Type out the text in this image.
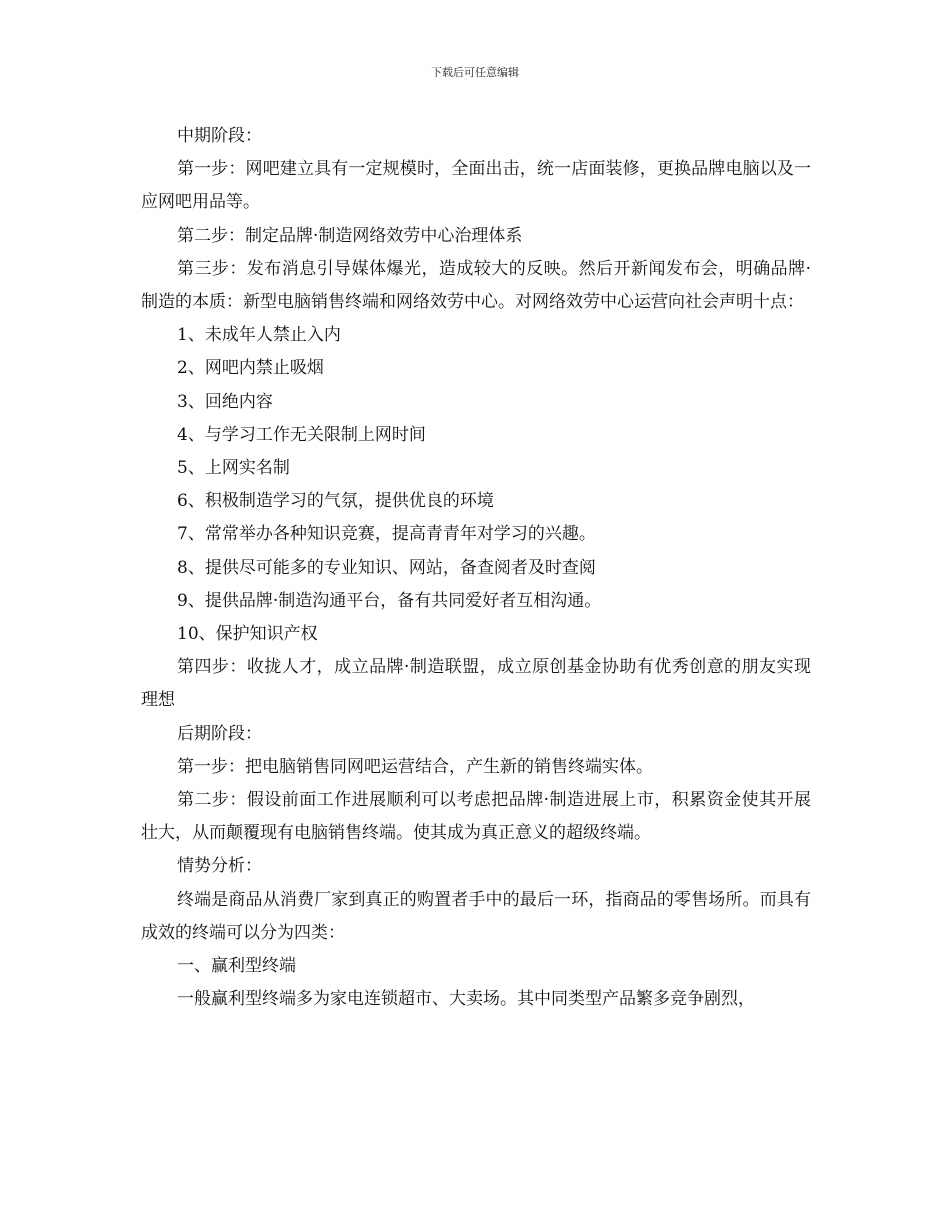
下载后可任意编辑

中期阶段：

第一步：网吧建立具有一定规模时，全面出击，统一店面装修，更换品牌电脑以及一应网吧用品等。

第二步：制定品牌·制造网络效劳中心治理体系

第三步：发布消息引导媒体爆光，造成较大的反映。然后开新闻发布会，明确品牌·制造的本质：新型电脑销售终端和网络效劳中心。对网络效劳中心运营向社会声明十点：

1、未成年人禁止入内

2、网吧内禁止吸烟

3、回绝内容

4、与学习工作无关限制上网时间

5、上网实名制

6、积极制造学习的气氛，提供优良的环境

7、常常举办各种知识竞赛，提高青青年对学习的兴趣。

8、提供尽可能多的专业知识、网站，备查阅者及时查阅

9、提供品牌·制造沟通平台，备有共同爱好者互相沟通。

10、保护知识产权

第四步：收拢人才，成立品牌·制造联盟，成立原创基金协助有优秀创意的朋友实现理想

后期阶段：

第一步：把电脑销售同网吧运营结合，产生新的销售终端实体。

第二步：假设前面工作进展顺利可以考虑把品牌·制造进展上市，积累资金使其开展壮大，从而颠覆现有电脑销售终端。使其成为真正意义的超级终端。

情势分析：

终端是商品从消费厂家到真正的购置者手中的最后一环，指商品的零售场所。而具有成效的终端可以分为四类：

一、赢利型终端

一般赢利型终端多为家电连锁超市、大卖场。其中同类型产品繁多竞争剧烈，
